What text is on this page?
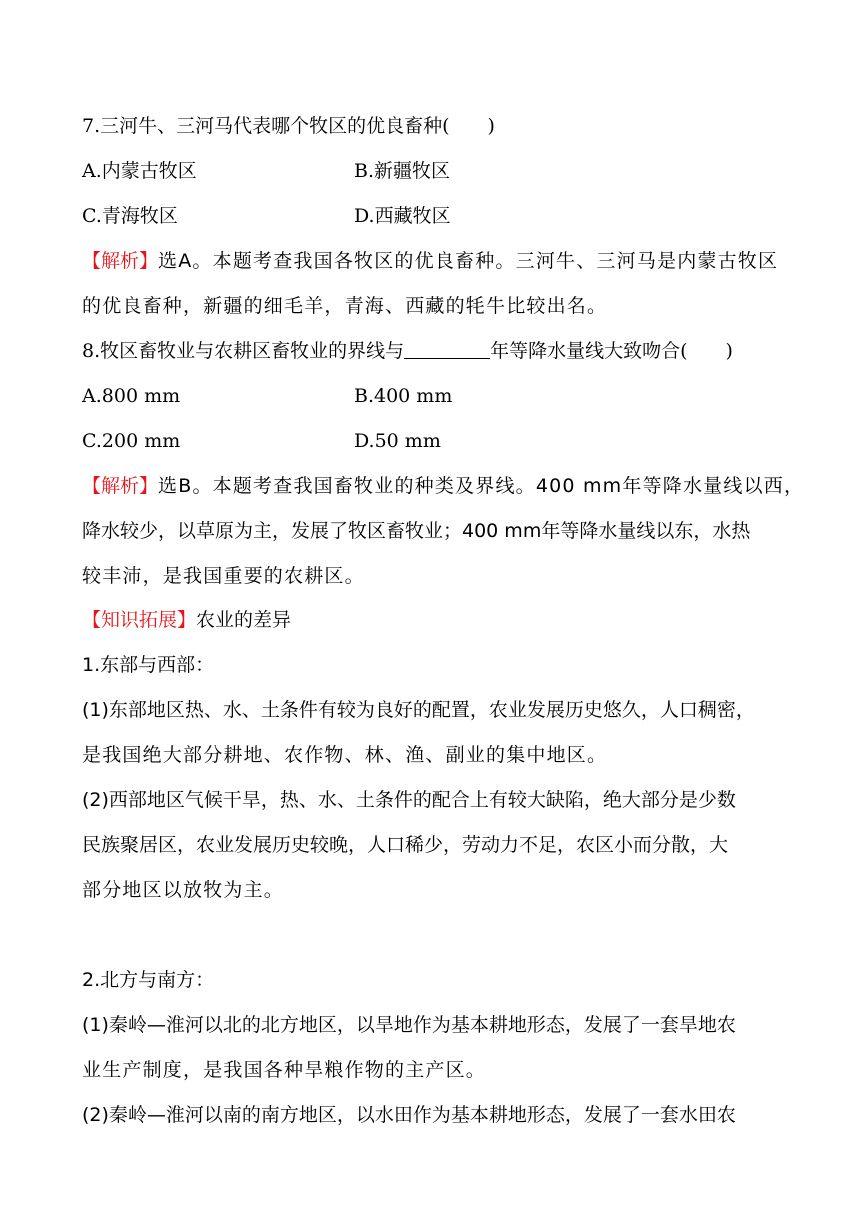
7.三河牛、三河马代表哪个牧区的优良畜种(　　)
A.内蒙古牧区	B.新疆牧区
C.青海牧区	D.西藏牧区
【解析】选A。本题考查我国各牧区的优良畜种。三河牛、三河马是内蒙古牧区
的优良畜种，新疆的细毛羊，青海、西藏的牦牛比较出名。
8.牧区畜牧业与农耕区畜牧业的界线与	年等降水量线大致吻合(　　)
A.800 mm	B.400 mm
C.200 mm	D.50 mm
【解析】选B。本题考查我国畜牧业的种类及界线。400 mm年等降水量线以西，
降水较少，以草原为主，发展了牧区畜牧业；400 mm年等降水量线以东，水热
较丰沛，是我国重要的农耕区。
【知识拓展】农业的差异
1.东部与西部：
(1)东部地区热、水、土条件有较为良好的配置，农业发展历史悠久，人口稠密，
是我国绝大部分耕地、农作物、林、渔、副业的集中地区。
(2)西部地区气候干旱，热、水、土条件的配合上有较大缺陷，绝大部分是少数
民族聚居区，农业发展历史较晚，人口稀少，劳动力不足，农区小而分散，大
部分地区以放牧为主。
2.北方与南方：
(1)秦岭—淮河以北的北方地区，以旱地作为基本耕地形态，发展了一套旱地农
业生产制度，是我国各种旱粮作物的主产区。
(2)秦岭—淮河以南的南方地区，以水田作为基本耕地形态，发展了一套水田农
